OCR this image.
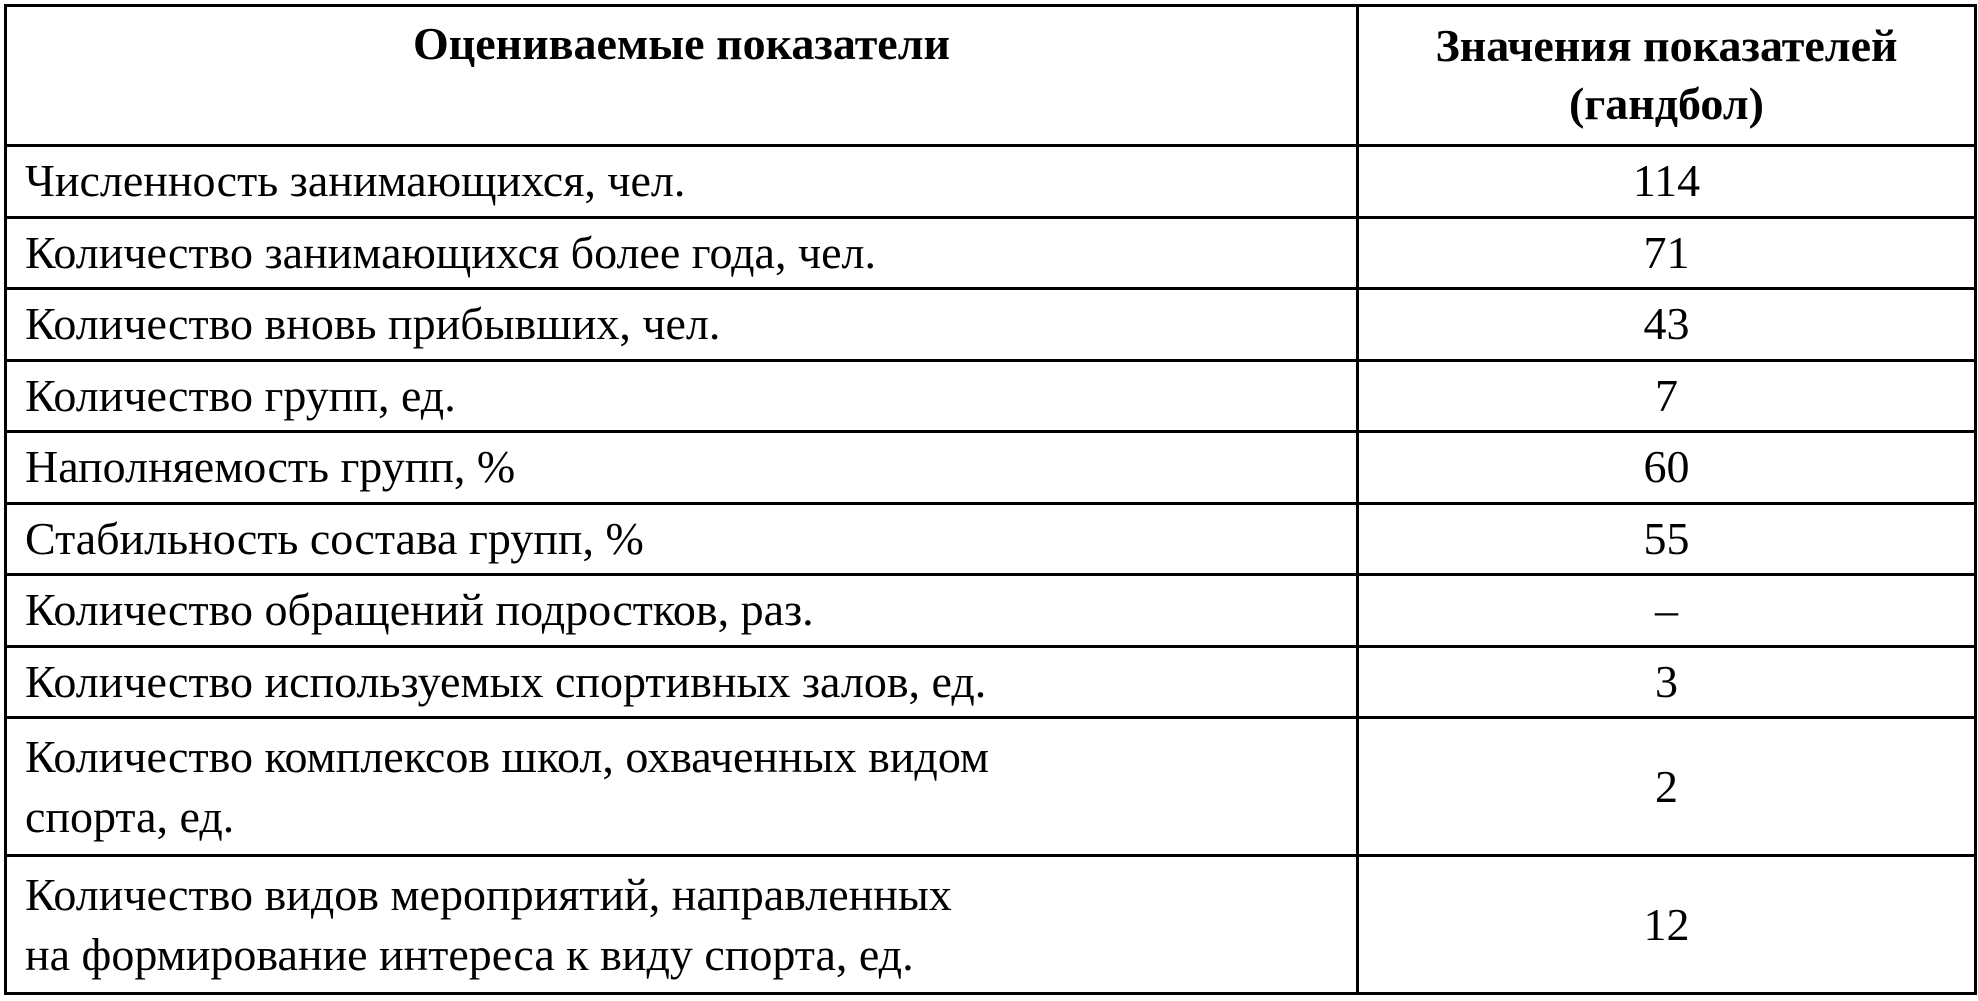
Оцениваемые показатели	Значения показателей
(гандбол)

Численность занимающихся, чел.	114
Количество занимающихся более года, чел.	71
Количество вновь прибывших, чел.	43
Количество групп, ед.	7
Наполняемость групп, %	60
Стабильность состава групп, %	55
Количество обращений подростков, раз.	–
Количество используемых спортивных залов, ед.	3

Количество комплексов школ, охваченных видом
спорта, ед.	2

Количество видов мероприятий, направленных
на формирование интереса к виду спорта, ед.	12
